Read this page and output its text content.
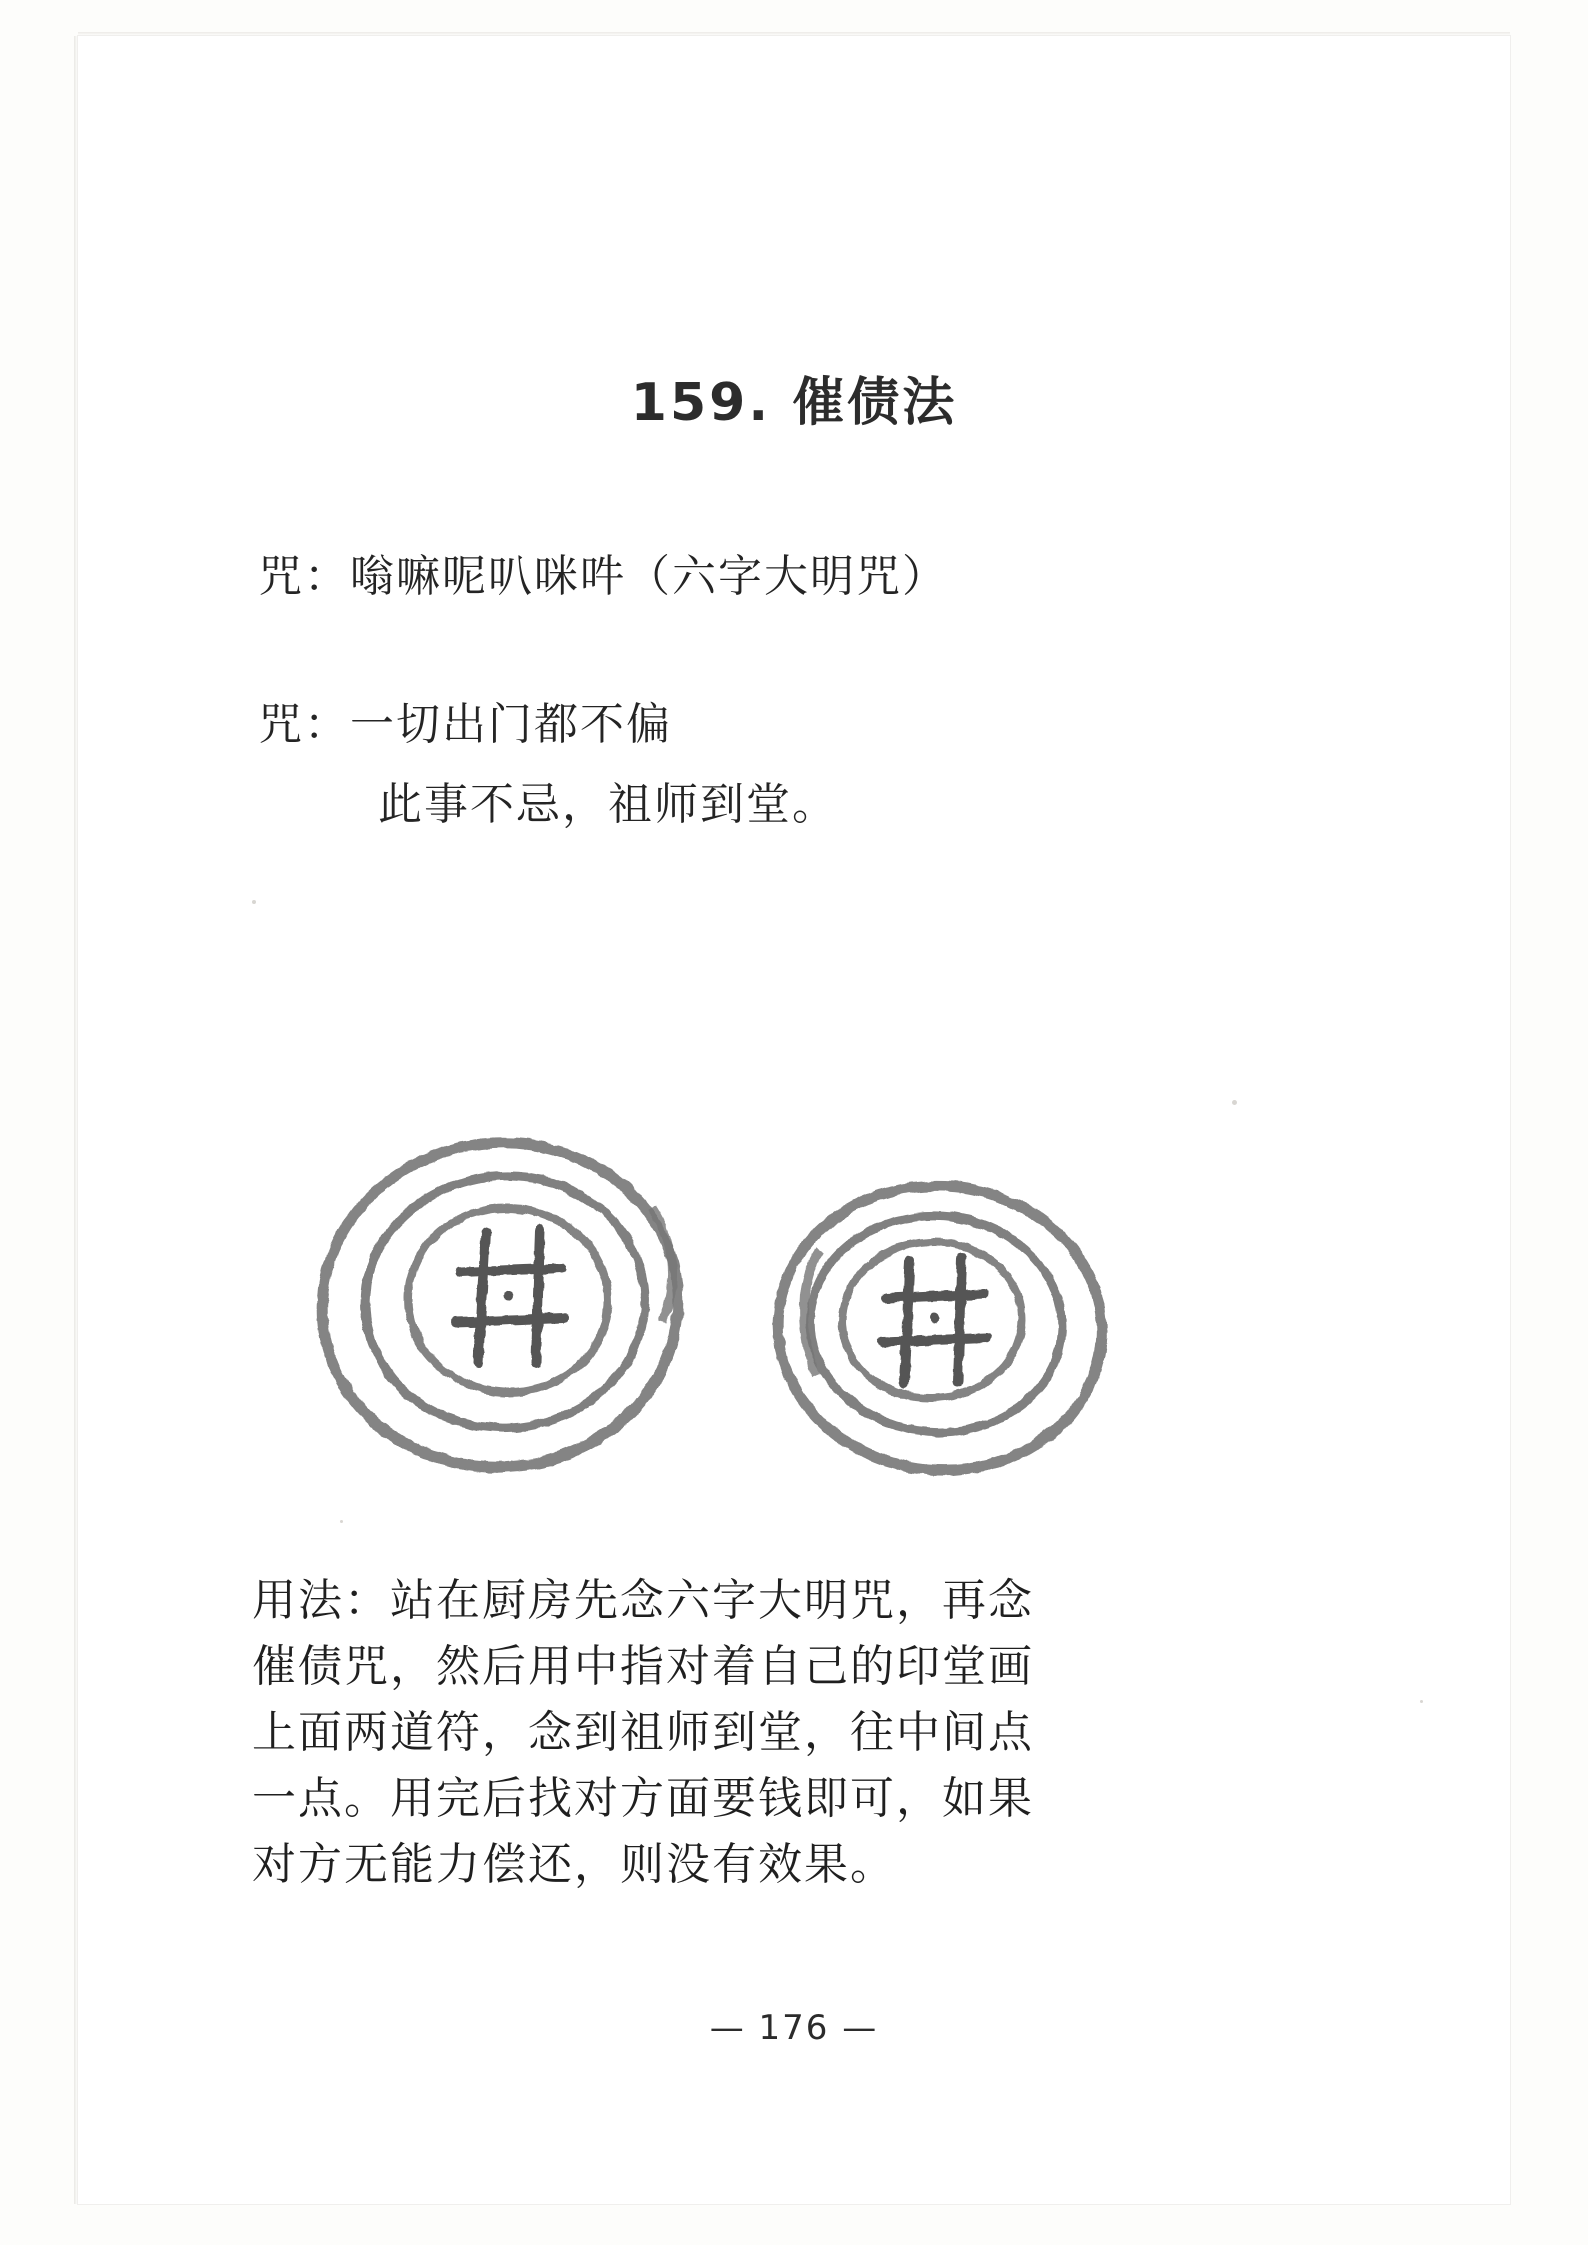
159. 催债法
咒：嗡嘛呢叭咪吽（六字大明咒）
咒：一切出门都不偏
此事不忌，祖师到堂。
用法：站在厨房先念六字大明咒，再念
催债咒，然后用中指对着自己的印堂画
上面两道符，念到祖师到堂，往中间点
一点。用完后找对方面要钱即可，如果
对方无能力偿还，则没有效果。
— 176 —
